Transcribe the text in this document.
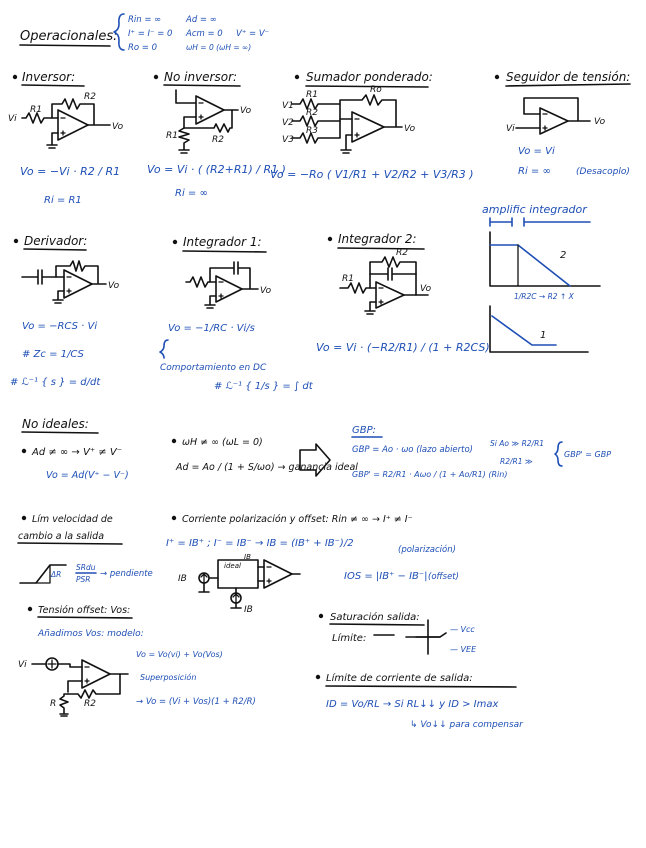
Operacionales:
Rin = ∞
I⁺ = I⁻ = 0
Ro = 0
Ad = ∞
Acm = 0
ωH = 0 (ωH = ∞)
V⁺ = V⁻
Inversor:
R1
R2
Vi
Vo
Vo = −Vi · R2 / R1
Ri = R1
No inversor:
R1	R2
Vo
Vo = Vi · ( (R2+R1) / R1 )
Ri = ∞
Sumador ponderado:
V1
V2
V3
R1
R2
R3
Ro
Vo
Vo = −Ro ( V1/R1 + V2/R2 + V3/R3 )
Seguidor de tensión:
Vi
Vo
Vo = Vi
Ri = ∞	(Desacoplo)
amplific integrador
2
1/R2C → R2 ↑ X
1
Derivador:
Vo
Vo = −RCS · Vi
# Zc = 1/CS
# ℒ⁻¹ { s } = d/dt
Integrador 1:
Vo
Vo = −1/RC · Vi/s
Comportamiento en DC
# ℒ⁻¹ { 1/s } = ∫ dt
Integrador 2:
R1
R2
Vo
Vo = Vi · (−R2/R1) / (1 + R2CS)
No ideales:
Ad ≠ ∞ → V⁺ ≠ V⁻
Vo = Ad(V⁺ − V⁻)
ωH ≠ ∞ (ωL = 0)
Ad = Ao / (1 + S/ωo) → ganancia ideal
GBP:
GBP = Ao · ωo (lazo abierto)
GBP' = R2/R1 · Aωo / (1 + Ao/R1) (Rin)
Si Ao ≫ R2/R1
R2/R1 ≫
GBP' = GBP
Lím velocidad de
cambio a la salida
ΔR
SRdu
PSR
→ pendiente
Corriente polarización y offset: Rin ≠ ∞ → I⁺ ≠ I⁻
I⁺ = IB⁺ ; I⁻ = IB⁻ → IB = (IB⁺ + IB⁻)/2
(polarización)
IOS = |IB⁺ − IB⁻| (offset)
ideal
IB
IB
IB
Tensión offset: Vos:
Añadimos Vos: modelo:
Vi
R	R2
Vo = Vo(vi) + Vo(Vos)
Superposición
→ Vo = (Vi + Vos)(1 + R2/R)
Saturación salida:
Límite:
— Vcc
— VEE
Límite de corriente de salida:
ID = Vo/RL → Si RL↓↓ y ID > Imax
↳ Vo↓↓ para compensar
